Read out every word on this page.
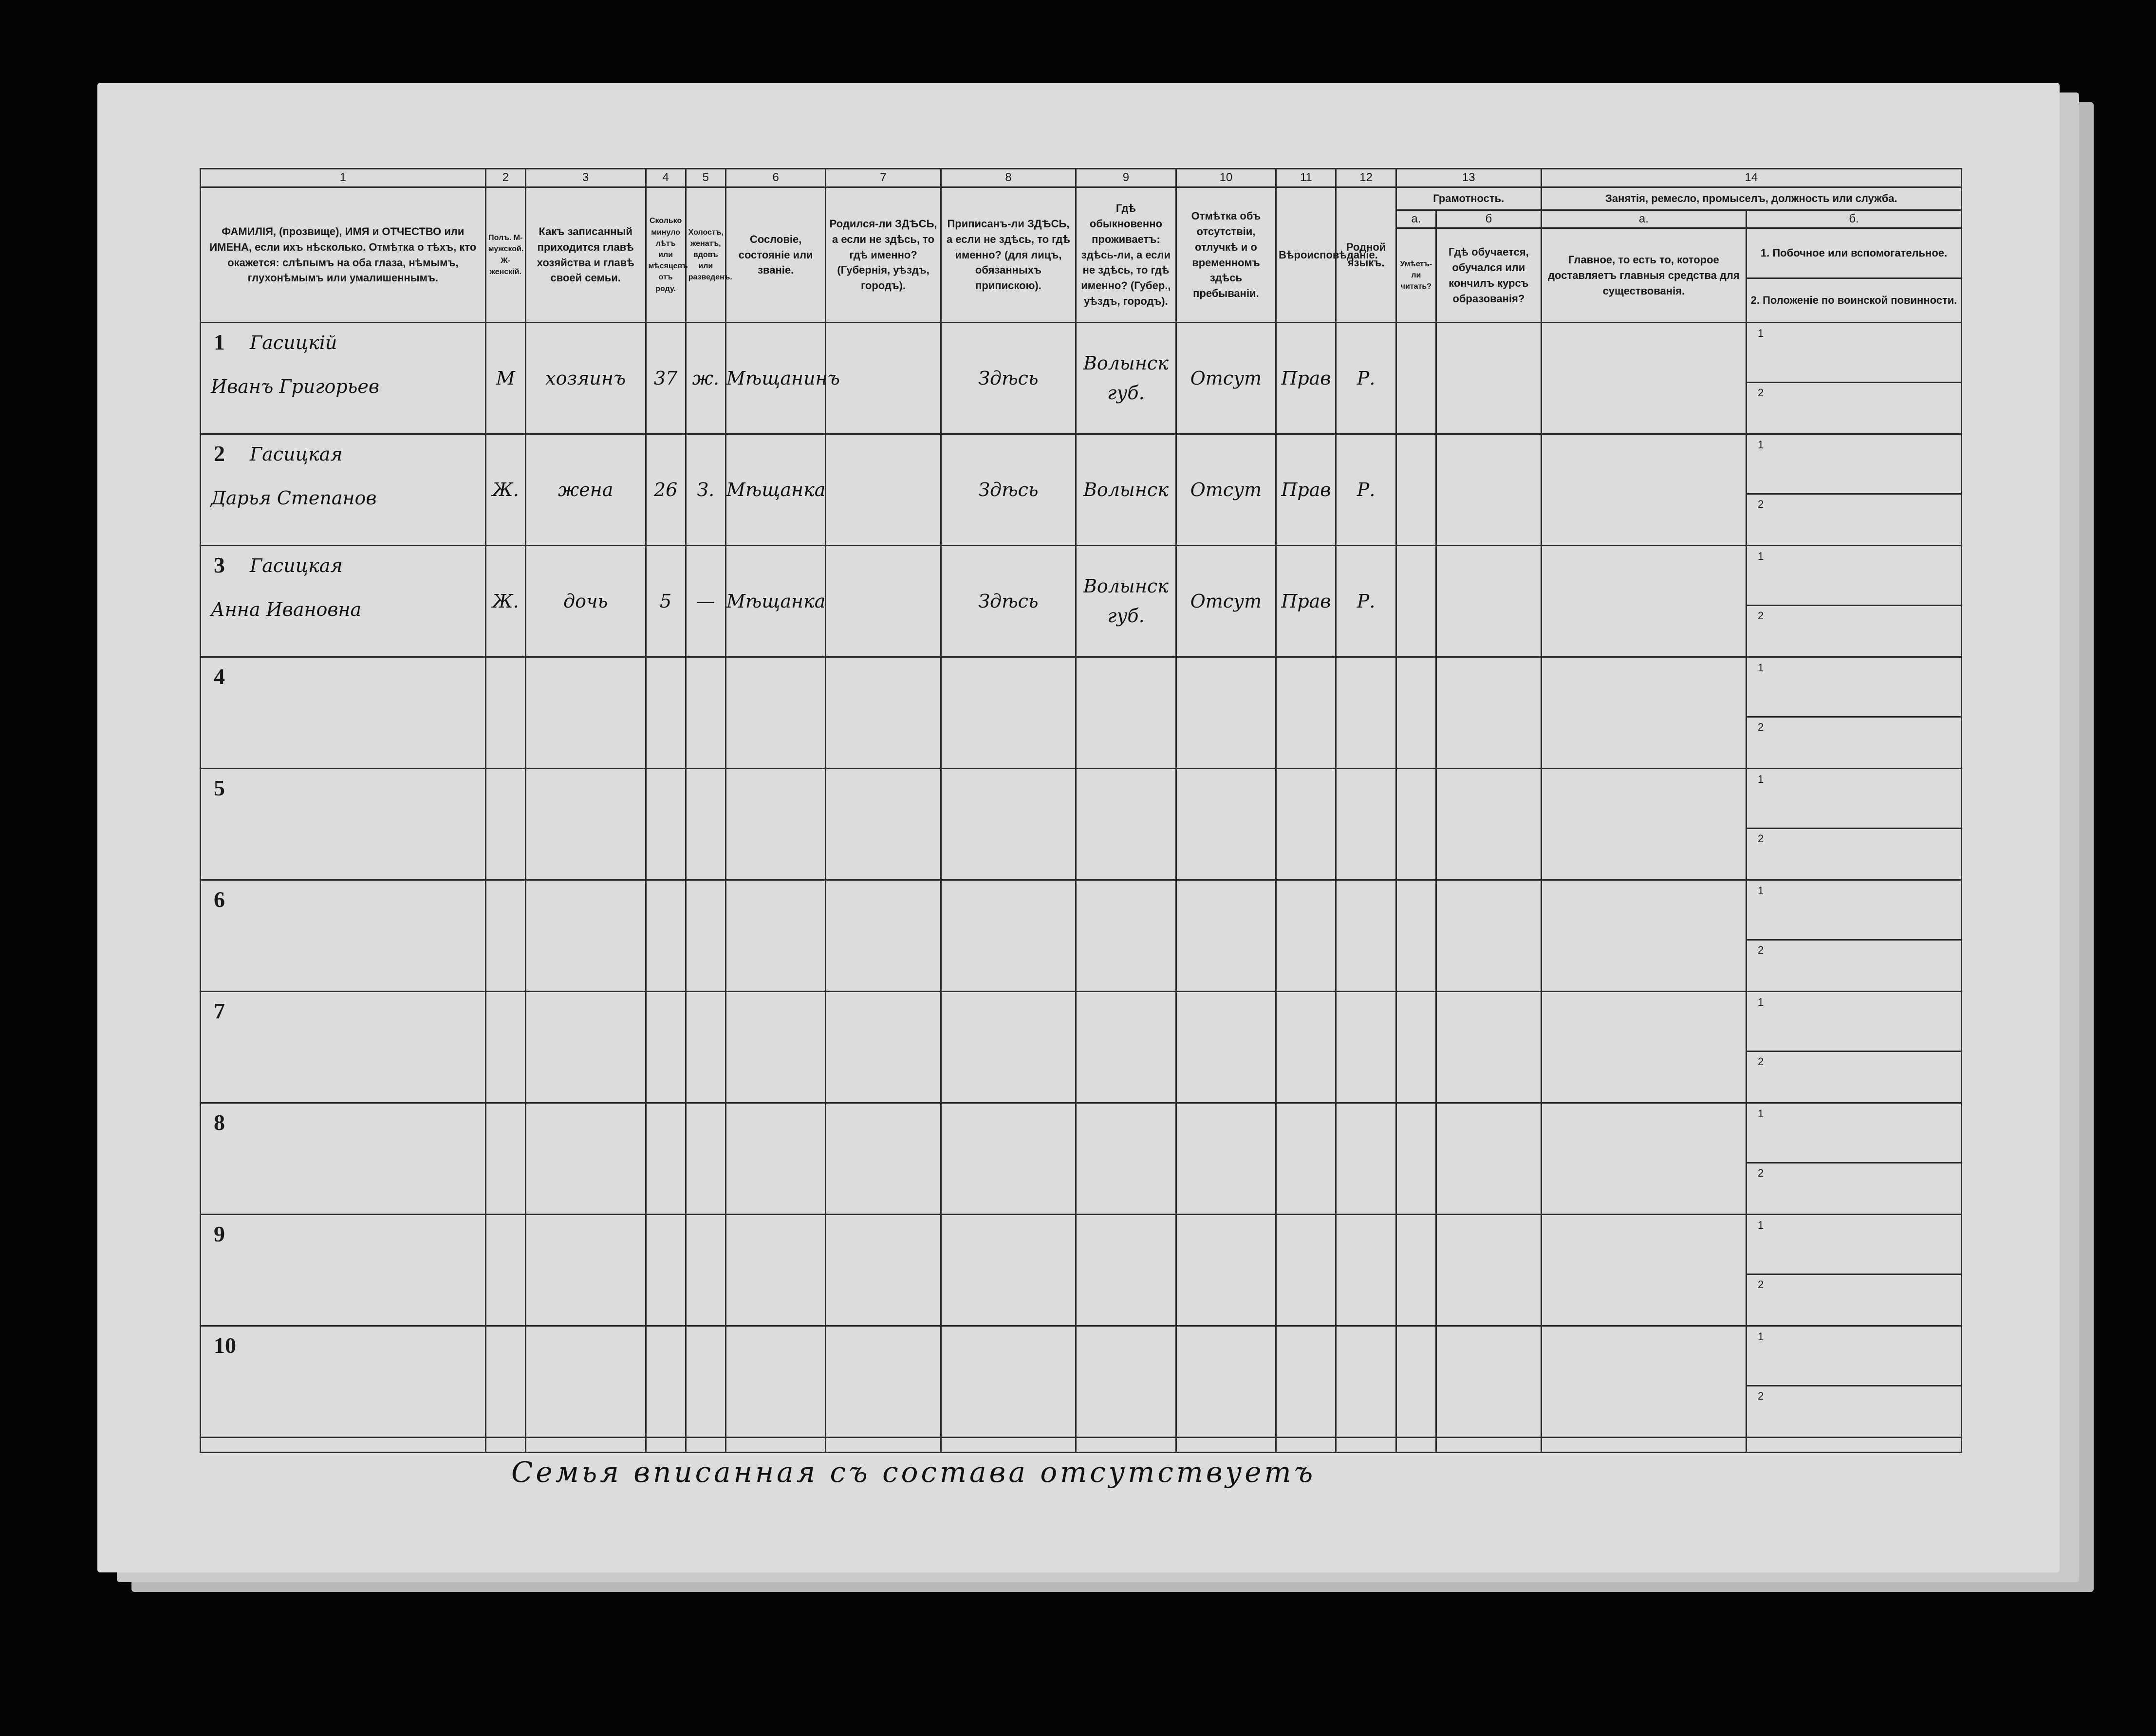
1	2	3	4	5	6	7	8	9	10	11	12	13		14	
ФАМИЛІЯ, (прозвище), ИМЯ и ОТЧЕСТВО или ИМЕНА, если ихъ нѣсколько. Отмѣтка о тѣхъ, кто окажется: слѣпымъ на оба глаза, нѣмымъ, глухонѣмымъ или умалишеннымъ.	Полъ. М-мужской. Ж-женскій.	Какъ записанный приходится главѣ хозяйства и главѣ своей семьи.	Сколько минуло лѣтъ или мѣсяцевъ отъ роду.	Холостъ, женатъ, вдовъ или разведенъ.	Сословіе, состояніе или званіе.	Родился-ли ЗДѢСЬ, а если не здѣсь, то гдѣ именно? (Губернія, уѣздъ, городъ).	Приписанъ-ли ЗДѢСЬ, а если не здѣсь, то гдѣ именно? (для лицъ, обязанныхъ припискою).	Гдѣ обыкновенно проживаетъ: здѣсь-ли, а если не здѣсь, то гдѣ именно? (Губер., уѣздъ, городъ).	Отмѣтка объ отсутствіи, отлучкѣ и о временномъ здѣсь пребываніи.	Вѣроисповѣданіе.	Родной языкъ.	Грамотность.		Занятія, ремесло, промыселъ, должность или служба.	
												а.	б	а.	б.
												Умѣетъ-ли читать?	Гдѣ обучается, обучался или кончилъ курсъ образованія?	Главное, то есть то, которое доставляетъ главныя средства для существованія.	1. Побочное или вспомогательное.
2. Положеніе по воинской повинности.

1 Гасицкій
Иванъ Григорьев	М	хозяинъ	37	ж.	Мѣщанинъ		Здѣсь	Волынск губ.	Отсут	Прав	Р.				1
2

2 Гасицкая
Дарья Степанов	Ж.	жена	26	З.	Мѣщанка		Здѣсь	Волынск	Отсут	Прав	Р.				1
2

3 Гасицкая
Анна Ивановна	Ж.	дочь	5	—	Мѣщанка		Здѣсь	Волынск губ.	Отсут	Прав	Р.				1
2

4															1
2

5															1
2

6															1
2

7															1
2

8															1
2

9															1
2

10															1
2

Семья вписанная съ состава отсутствуетъ
